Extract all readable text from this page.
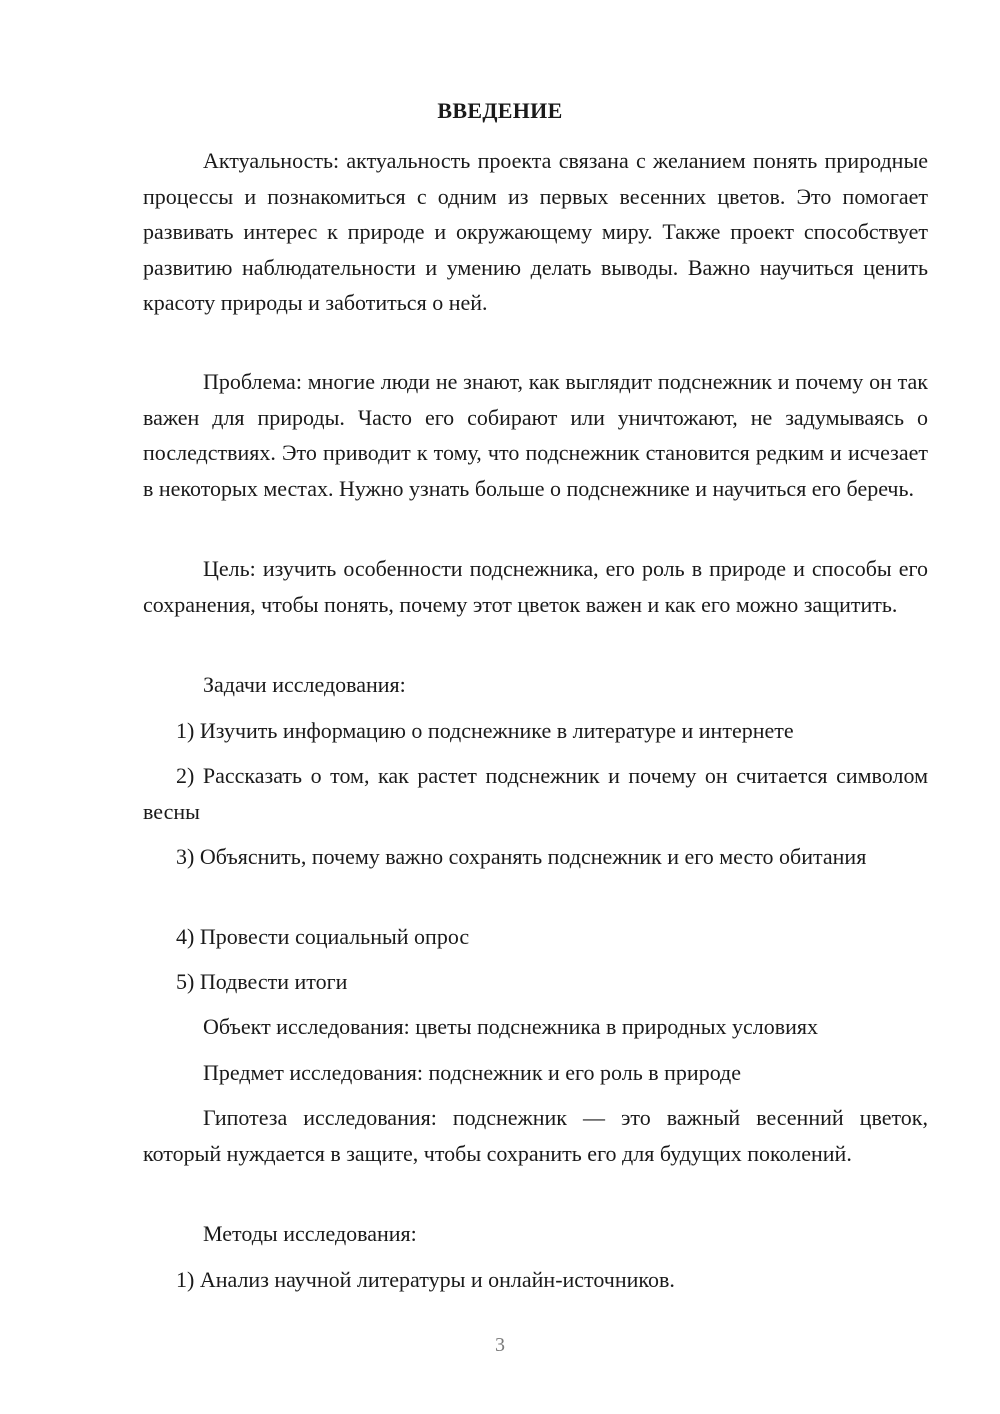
ВВЕДЕНИЕ

Актуальность: актуальность проекта связана с желанием понять природные процессы и познакомиться с одним из первых весенних цветов. Это помогает развивать интерес к природе и окружающему миру. Также проект способствует развитию наблюдательности и умению делать выводы. Важно научиться ценить красоту природы и заботиться о ней.

Проблема: многие люди не знают, как выглядит подснежник и почему он так важен для природы. Часто его собирают или уничтожают, не задумываясь о последствиях. Это приводит к тому, что подснежник становится редким и исчезает в некоторых местах. Нужно узнать больше о подснежнике и научиться его беречь.

Цель: изучить особенности подснежника, его роль в природе и способы его сохранения, чтобы понять, почему этот цветок важен и как его можно защитить.

Задачи исследования:

1) Изучить информацию о подснежнике в литературе и интернете

2) Рассказать о том, как растет подснежник и почему он считается символом весны

3) Объяснить, почему важно сохранять подснежник и его место обитания

4) Провести социальный опрос

5) Подвести итоги

Объект исследования: цветы подснежника в природных условиях

Предмет исследования: подснежник и его роль в природе

Гипотеза исследования: подснежник — это важный весенний цветок, который нуждается в защите, чтобы сохранить его для будущих поколений.

Методы исследования:

1) Анализ научной литературы и онлайн-источников.

3
